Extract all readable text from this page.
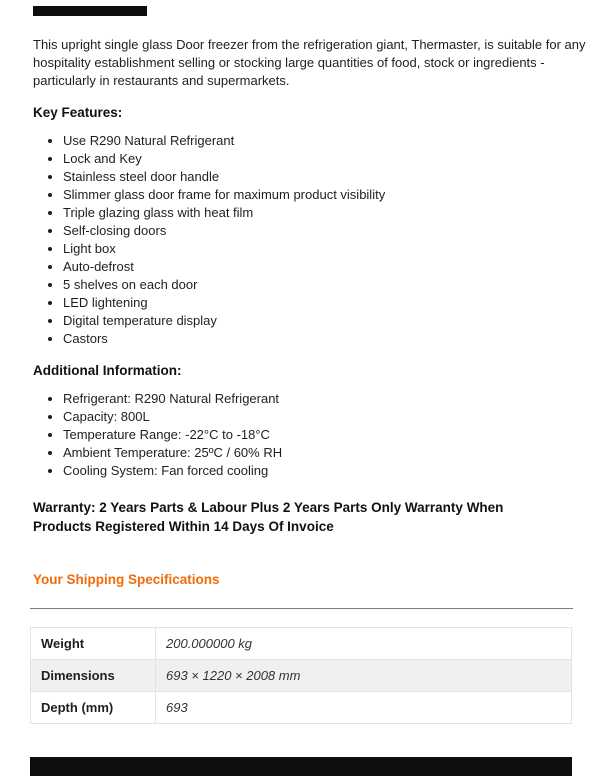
This upright single glass Door freezer from the refrigeration giant, Thermaster, is suitable for any hospitality establishment selling or stocking large quantities of food, stock or ingredients - particularly in restaurants and supermarkets.

Key Features:
• Use R290 Natural Refrigerant
• Lock and Key
• Stainless steel door handle
• Slimmer glass door frame for maximum product visibility
• Triple glazing glass with heat film
• Self-closing doors
• Light box
• Auto-defrost
• 5 shelves on each door
• LED lightening
• Digital temperature display
• Castors
Additional Information:
• Refrigerant: R290 Natural Refrigerant
• Capacity: 800L
• Temperature Range: -22°C to -18°C
• Ambient Temperature: 25ºC / 60% RH
• Cooling System: Fan forced cooling

Warranty: 2 Years Parts & Labour Plus 2 Years Parts Only Warranty When Products Registered Within 14 Days Of Invoice

Your Shipping Specifications
Weight	200.000000 kg
Dimensions	693 × 1220 × 2008 mm
Depth (mm)	693
